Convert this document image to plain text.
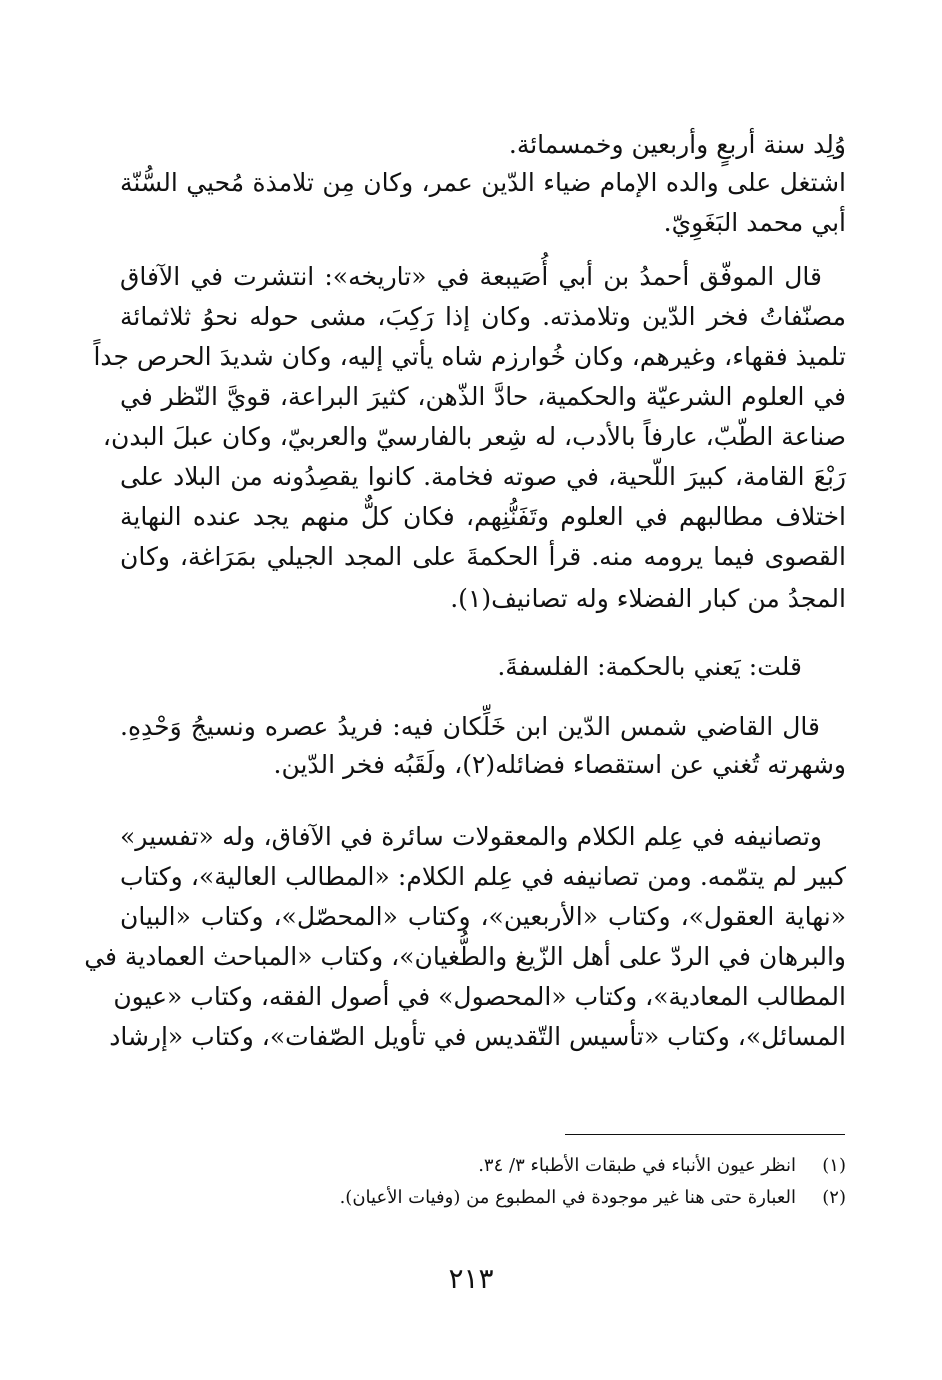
وُلِد سنة أربعٍ وأربعين وخمسمائة.
اشتغل على والده الإمام ضياء الدّين عمر، وكان مِن تلامذة مُحيي السُّنّة
أبي محمد البَغَوِيّ.
قال الموفّق أحمدُ بن أبي أُصَيبعة في «تاريخه»: انتشرت في الآفاق
مصنّفاتُ فخر الدّين وتلامذته. وكان إذا رَكِبَ، مشى حوله نحوُ ثلاثمائة
تلميذ فقهاء، وغيرهم، وكان خُوارزم شاه يأتي إليه، وكان شديدَ الحرص جداً
في العلوم الشرعيّة والحكمية، حادَّ الذّهن، كثيرَ البراعة، قويَّ النّظر في
صناعة الطّبّ، عارفاً بالأدب، له شِعر بالفارسيّ والعربيّ، وكان عبلَ البدن،
رَبْعَ القامة، كبيرَ اللّحية، في صوته فخامة. كانوا يقصِدُونه من البلاد على
اختلاف مطالبهم في العلوم وتَفَنُّنِهم، فكان كلٌّ منهم يجد عنده النهاية
القصوى فيما يرومه منه. قرأ الحكمةَ على المجد الجيلي بمَرَاغة، وكان
المجدُ من كبار الفضلاء وله تصانيف(١).
قلت: يَعني بالحكمة: الفلسفةَ.
قال القاضي شمس الدّين ابن خَلِّكان فيه: فريدُ عصره ونسيجُ وَحْدِهِ.
وشهرته تُغني عن استقصاء فضائله(٢)، ولَقَبُه فخر الدّين.
وتصانيفه في عِلم الكلام والمعقولات سائرة في الآفاق، وله «تفسير»
كبير لم يتمّمه. ومن تصانيفه في عِلم الكلام: «المطالب العالية»، وكتاب
«نهاية العقول»، وكتاب «الأربعين»، وكتاب «المحصّل»، وكتاب «البيان
والبرهان في الردّ على أهل الزّيغ والطُّغيان»، وكتاب «المباحث العمادية في
المطالب المعادية»، وكتاب «المحصول» في أصول الفقه، وكتاب «عيون
المسائل»، وكتاب «تأسيس التّقديس في تأويل الصّفات»، وكتاب «إرشاد
(١)انظر عيون الأنباء في طبقات الأطباء ٣/ ٣٤.
(٢)العبارة حتى هنا غير موجودة في المطبوع من (وفيات الأعيان).
٢١٣
